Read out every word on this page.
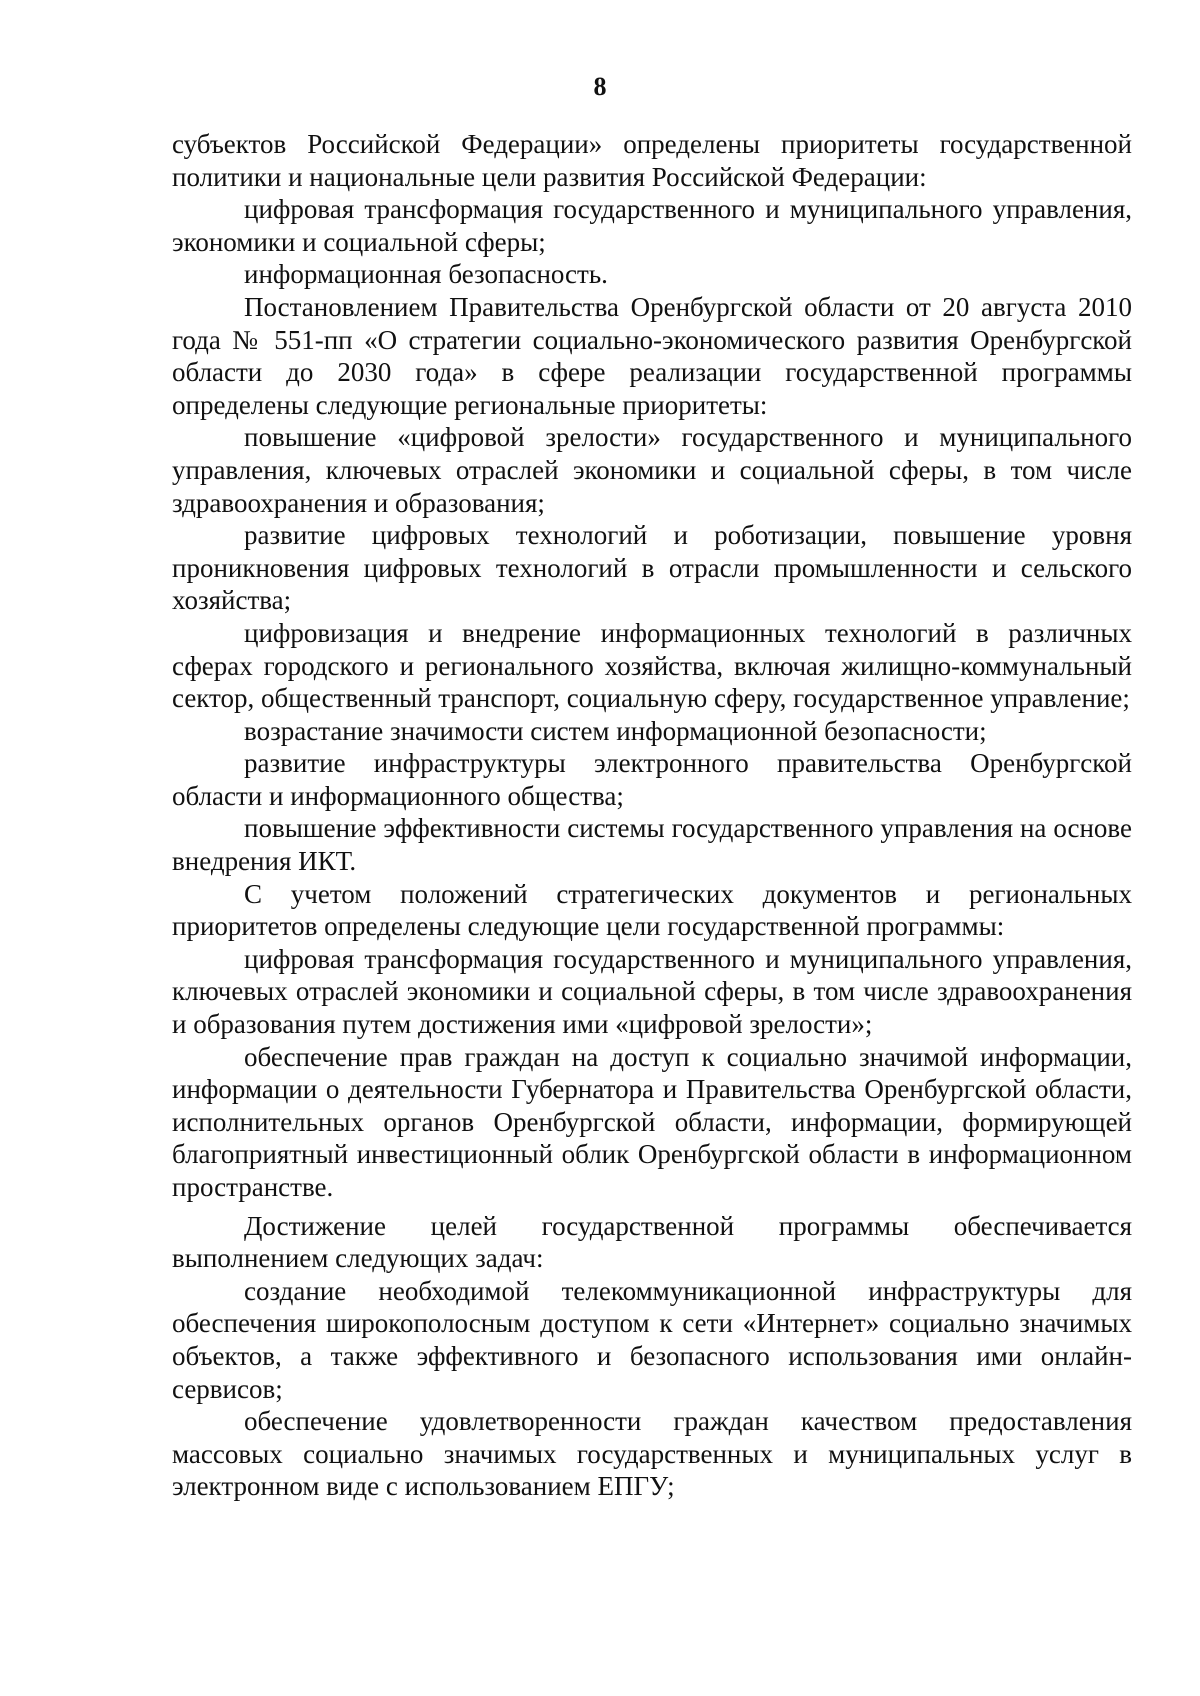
8

субъектов Российской Федерации» определены приоритеты государственной политики и национальные цели развития Российской Федерации:

цифровая трансформация государственного и муниципального управления, экономики и социальной сферы;

информационная безопасность.

Постановлением Правительства Оренбургской области от 20 августа 2010 года № 551-пп «О стратегии социально-экономического развития Оренбургской области до 2030 года» в сфере реализации государственной программы определены следующие региональные приоритеты:

повышение «цифровой зрелости» государственного и муниципального управления, ключевых отраслей экономики и социальной сферы, в том числе здравоохранения и образования;

развитие цифровых технологий и роботизации, повышение уровня проникновения цифровых технологий в отрасли промышленности и сельского хозяйства;

цифровизация и внедрение информационных технологий в различных сферах городского и регионального хозяйства, включая жилищно-коммунальный сектор, общественный транспорт, социальную сферу, государственное управление;

возрастание значимости систем информационной безопасности;

развитие инфраструктуры электронного правительства Оренбургской области и информационного общества;

повышение эффективности системы государственного управления на основе внедрения ИКТ.

С учетом положений стратегических документов и региональных приоритетов определены следующие цели государственной программы:

цифровая трансформация государственного и муниципального управления, ключевых отраслей экономики и социальной сферы, в том числе здравоохранения и образования путем достижения ими «цифровой зрелости»;

обеспечение прав граждан на доступ к социально значимой информации, информации о деятельности Губернатора и Правительства Оренбургской области, исполнительных органов Оренбургской области, информации, формирующей благоприятный инвестиционный облик Оренбургской области в информационном пространстве.

Достижение целей государственной программы обеспечивается выполнением следующих задач:

создание необходимой телекоммуникационной инфраструктуры для обеспечения широкополосным доступом к сети «Интернет» социально значимых объектов, а также эффективного и безопасного использования ими онлайн-сервисов;

обеспечение удовлетворенности граждан качеством предоставления массовых социально значимых государственных и муниципальных услуг в электронном виде с использованием ЕПГУ;
